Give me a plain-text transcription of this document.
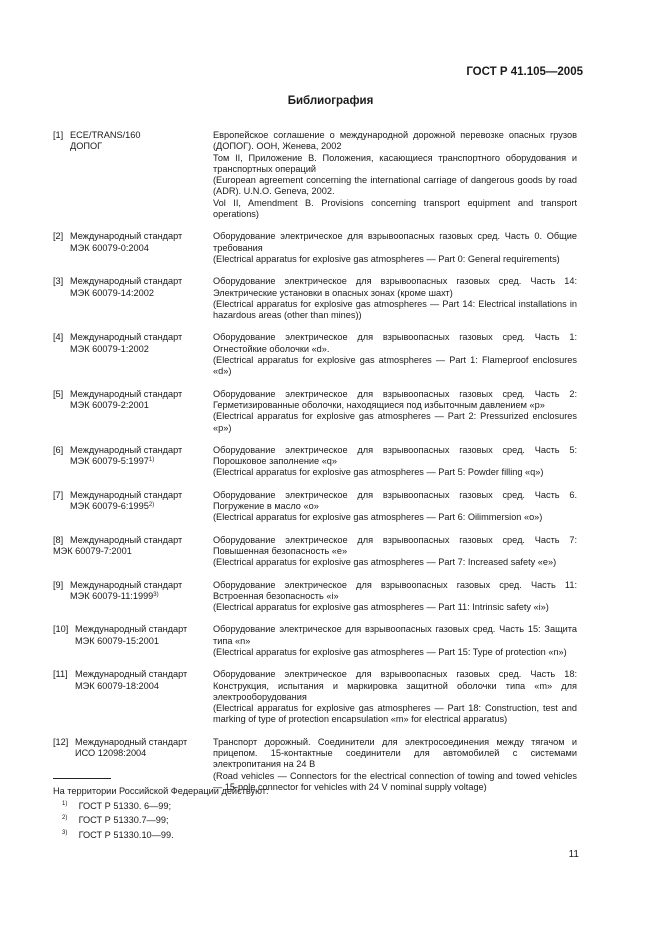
ГОСТ Р 41.105—2005
Библиография
[1] ECE/TRANS/160
ДОПОГ
Европейское соглашение о международной дорожной перевозке опасных грузов (ДОПОГ). ООН, Женева, 2002
Том II, Приложение В. Положения, касающиеся транспортного оборудования и транспортных операций
(European agreement concerning the international carriage of dangerous goods by road (ADR). U.N.O. Geneva, 2002.
Vol II, Amendment B. Provisions concerning transport equipment and transport operations)
[2] Международный стандарт
МЭК 60079-0:2004
Оборудование электрическое для взрывоопасных газовых сред. Часть 0. Общие требования
(Electrical apparatus for explosive gas atmospheres — Part 0: General requirements)
[3] Международный стандарт
МЭК 60079-14:2002
Оборудование электрическое для взрывоопасных газовых сред. Часть 14: Электрические установки в опасных зонах (кроме шахт)
(Electrical apparatus for explosive gas atmospheres — Part 14: Electrical installations in hazardous areas (other than mines))
[4] Международный стандарт
МЭК 60079-1:2002
Оборудование электрическое для взрывоопасных газовых сред. Часть 1: Огнестойкие оболочки «d».
(Electrical apparatus for explosive gas atmospheres — Part 1: Flameproof enclosures «d»)
[5] Международный стандарт
МЭК 60079-2:2001
Оборудование электрическое для взрывоопасных газовых сред. Часть 2: Герметизированные оболочки, находящиеся под избыточным давлением «р»
(Electrical apparatus for explosive gas atmospheres — Part 2: Pressurized enclosures «р»)
[6] Международный стандарт
МЭК 60079-5:1997$^{1)}$
Оборудование электрическое для взрывоопасных газовых сред. Часть 5: Порошковое заполнение «q»
(Electrical apparatus for explosive gas atmospheres — Part 5: Powder filling «q»)
[7] Международный стандарт
МЭК 60079-6:1995$^{2)}$
Оборудование электрическое для взрывоопасных газовых сред. Часть 6. Погружение в масло «о»
(Electrical apparatus for explosive gas atmospheres — Part 6: Oilimmersion «о»)
[8] Международный стандарт
МЭК 60079-7:2001
Оборудование электрическое для взрывоопасных газовых сред. Часть 7: Повышенная безопасность «е»
(Electrical apparatus for explosive gas atmospheres — Part 7: Increased safety «е»)
[9] Международный стандарт
МЭК 60079-11:1999$^{3)}$
Оборудование электрическое для взрывоопасных газовых сред. Часть 11: Встроенная безопасность «i»
(Electrical apparatus for explosive gas atmospheres — Part 11: Intrinsic safety «i»)
[10] Международный стандарт
МЭК 60079-15:2001
Оборудование электрическое для взрывоопасных газовых сред. Часть 15: Защита типа «n»
(Electrical apparatus for explosive gas atmospheres — Part 15: Type of protection «n»)
[11] Международный стандарт
МЭК 60079-18:2004
Оборудование электрическое для взрывоопасных газовых сред. Часть 18: Конструкция, испытания и маркировка защитной оболочки типа «m» для электрооборудования
(Electrical apparatus for explosive gas atmospheres — Part 18: Construction, test and marking of type of protection encapsulation «m» for electrical apparatus)
[12] Международный стандарт
ИСО 12098:2004
Транспорт дорожный. Соединители для электросоединения между тягачом и прицепом. 15-контактные соединители для автомобилей с системами электропитания на 24 В
(Road vehicles — Connectors for the electrical connection of towing and towed vehicles — 15-pole connector for vehicles with 24 V nominal supply voltage)
На территории Российской Федерации действуют:
$^{1)}$ ГОСТ Р 51330. 6—99;
$^{2)}$ ГОСТ Р 51330.7—99;
$^{3)}$ ГОСТ Р 51330.10—99.
11
